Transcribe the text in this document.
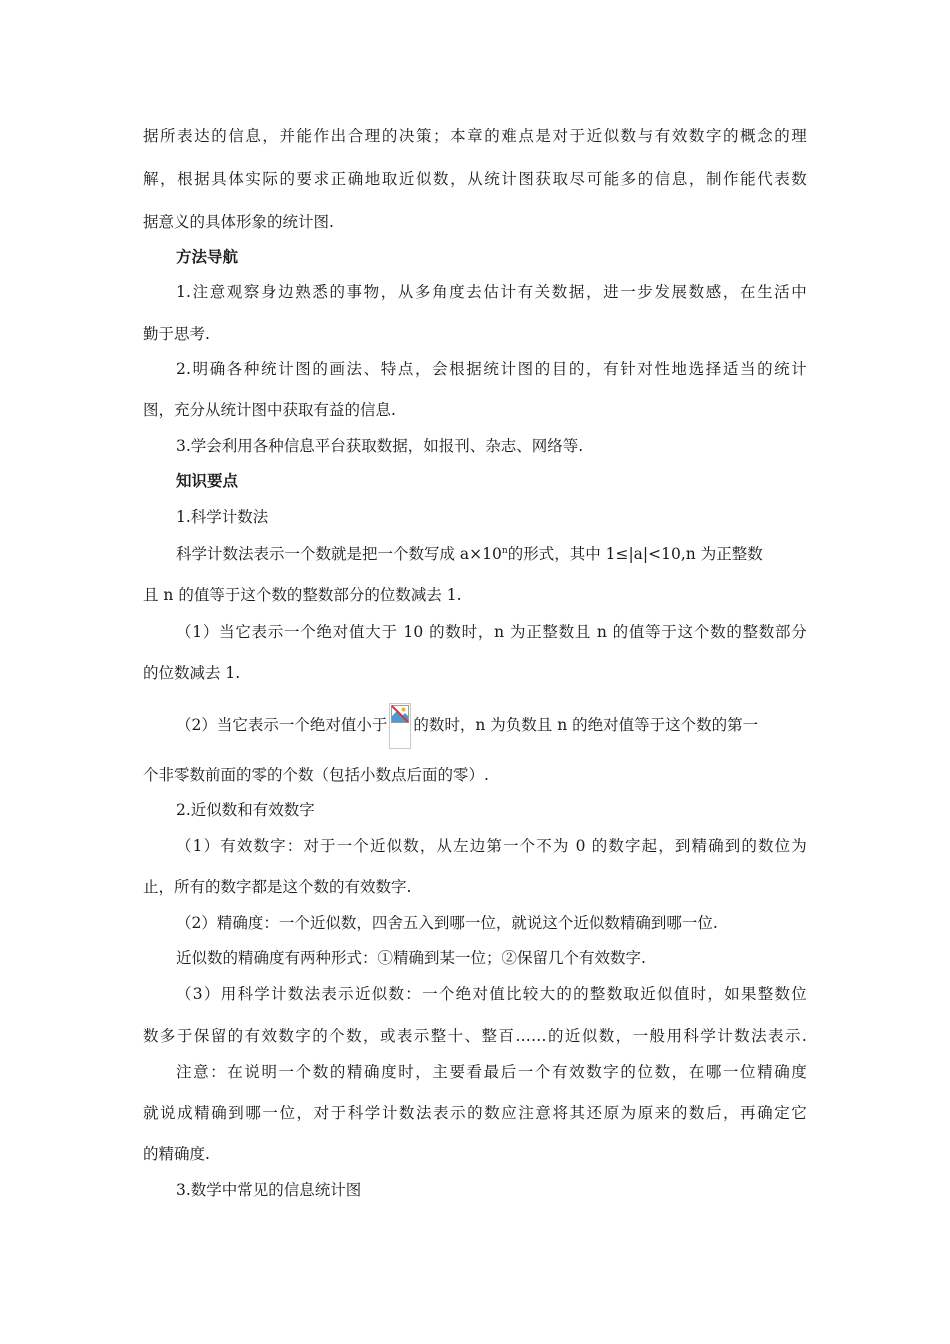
据所表达的信息，并能作出合理的决策；本章的难点是对于近似数与有效数字的概念的理
解，根据具体实际的要求正确地取近似数，从统计图获取尽可能多的信息，制作能代表数
据意义的具体形象的统计图.
方法导航
1.注意观察身边熟悉的事物，从多角度去估计有关数据，进一步发展数感，在生活中
勤于思考.
2.明确各种统计图的画法、特点，会根据统计图的目的，有针对性地选择适当的统计
图，充分从统计图中获取有益的信息.
3.学会利用各种信息平台获取数据，如报刊、杂志、网络等.
知识要点
1.科学计数法
科学计数法表示一个数就是把一个数写成 $a\times 10^n$的形式，其中 1≤|a|<10,n 为正整数
且 n 的值等于这个数的整数部分的位数减去 1.
（1）当它表示一个绝对值大于 10 的数时，n 为正整数且 n 的值等于这个数的整数部分
的位数减去 1.
（2）当它表示一个绝对值小于 的数时，n 为负数且 n 的绝对值等于这个数的第一
个非零数前面的零的个数（包括小数点后面的零）.
2.近似数和有效数字
（1）有效数字：对于一个近似数，从左边第一个不为 0 的数字起，到精确到的数位为
止，所有的数字都是这个数的有效数字.
（2）精确度：一个近似数，四舍五入到哪一位，就说这个近似数精确到哪一位.
近似数的精确度有两种形式：①精确到某一位；②保留几个有效数字.
（3）用科学计数法表示近似数：一个绝对值比较大的的整数取近似值时，如果整数位
数多于保留的有效数字的个数，或表示整十、整百……的近似数，一般用科学计数法表示.
注意：在说明一个数的精确度时，主要看最后一个有效数字的位数，在哪一位精确度
就说成精确到哪一位，对于科学计数法表示的数应注意将其还原为原来的数后，再确定它
的精确度.
3.数学中常见的信息统计图
